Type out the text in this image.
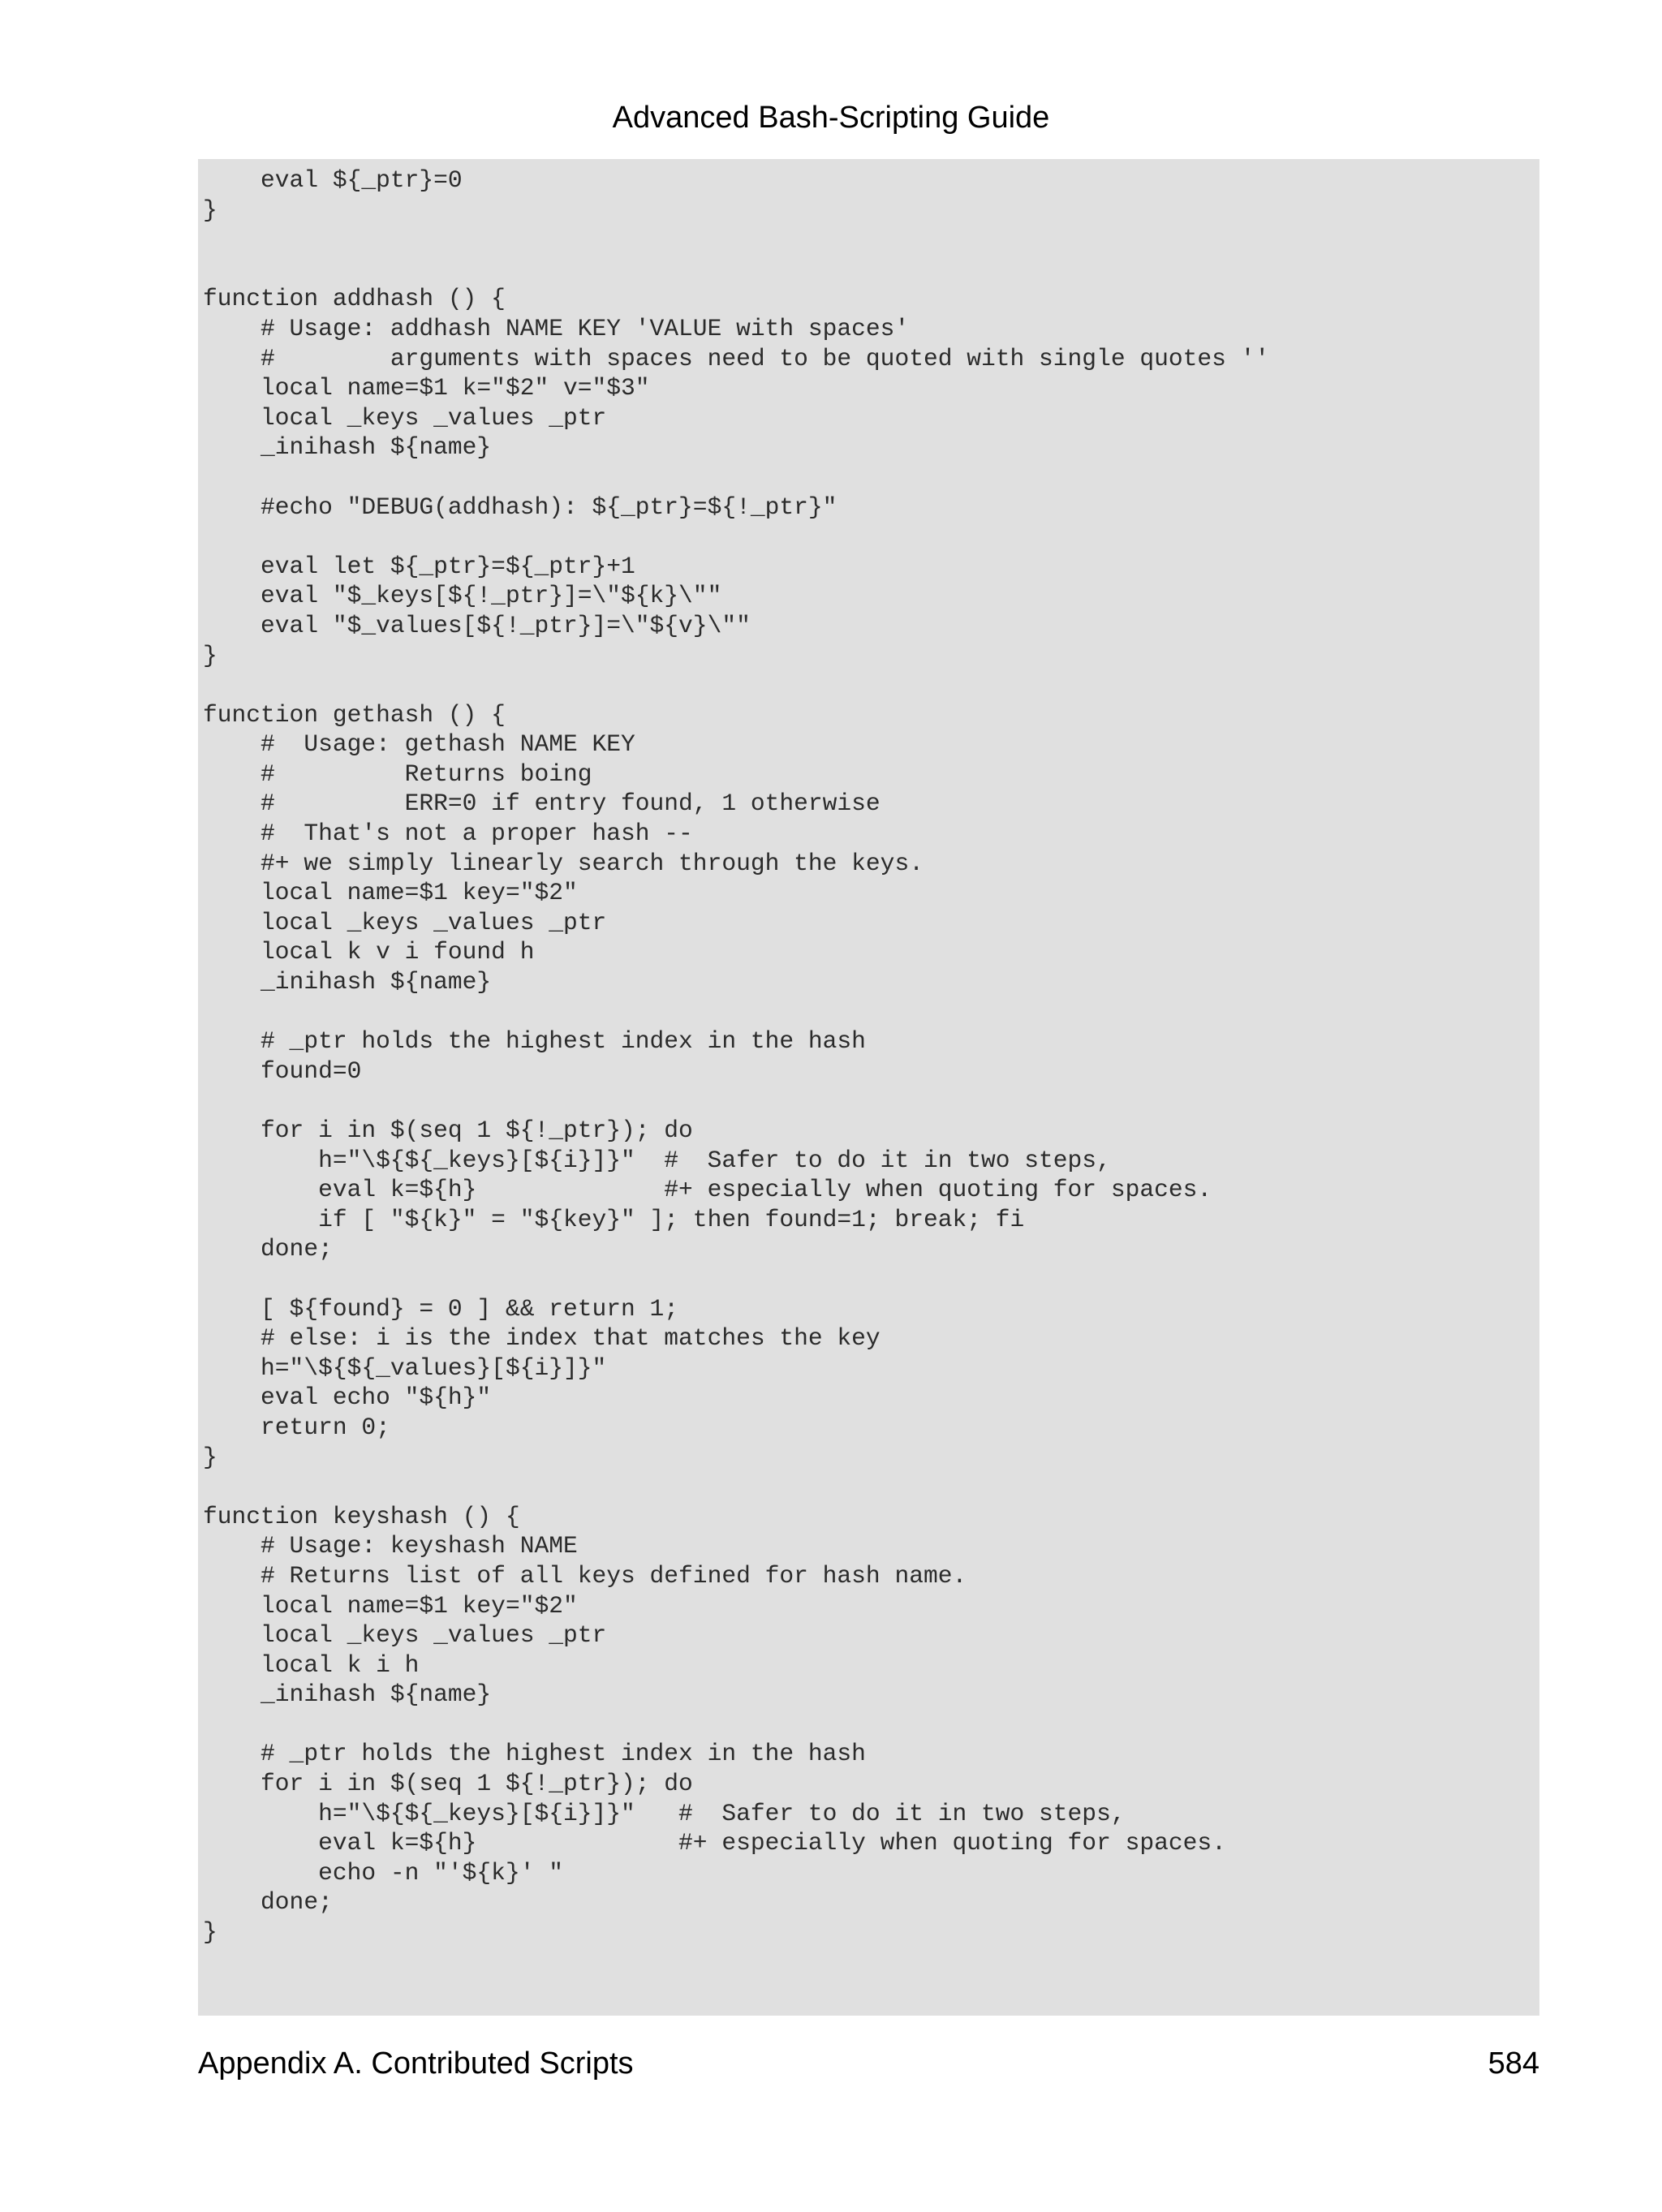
Advanced Bash-Scripting Guide
eval ${_ptr}=0
}

function addhash () {
# Usage: addhash NAME KEY 'VALUE with spaces'
#        arguments with spaces need to be quoted with single quotes ''
local name=$1 k="$2" v="$3"
local _keys _values _ptr
_inihash ${name}

#echo "DEBUG(addhash): ${_ptr}=${!_ptr}"

eval let ${_ptr}=${_ptr}+1
eval "$_keys[${!_ptr}]=\"${k}\""
eval "$_values[${!_ptr}]=\"${v}\""
}

function gethash () {
#  Usage: gethash NAME KEY
#         Returns boing
#         ERR=0 if entry found, 1 otherwise
#  That's not a proper hash --
#+ we simply linearly search through the keys.
local name=$1 key="$2"
local _keys _values _ptr
local k v i found h
_inihash ${name}

# _ptr holds the highest index in the hash
found=0

for i in $(seq 1 ${!_ptr}); do
h="\${${_keys}[${i}]}"  #  Safer to do it in two steps,
eval k=${h}             #+ especially when quoting for spaces.
if [ "${k}" = "${key}" ]; then found=1; break; fi
done;

[ ${found} = 0 ] && return 1;
# else: i is the index that matches the key
h="\${${_values}[${i}]}"
eval echo "${h}"
return 0;
}

function keyshash () {
# Usage: keyshash NAME
# Returns list of all keys defined for hash name.
local name=$1 key="$2"
local _keys _values _ptr
local k i h
_inihash ${name}

# _ptr holds the highest index in the hash
for i in $(seq 1 ${!_ptr}); do
h="\${${_keys}[${i}]}"   #  Safer to do it in two steps,
eval k=${h}              #+ especially when quoting for spaces.
echo -n "'${k}' "
done;
}
Appendix A. Contributed Scripts	584
